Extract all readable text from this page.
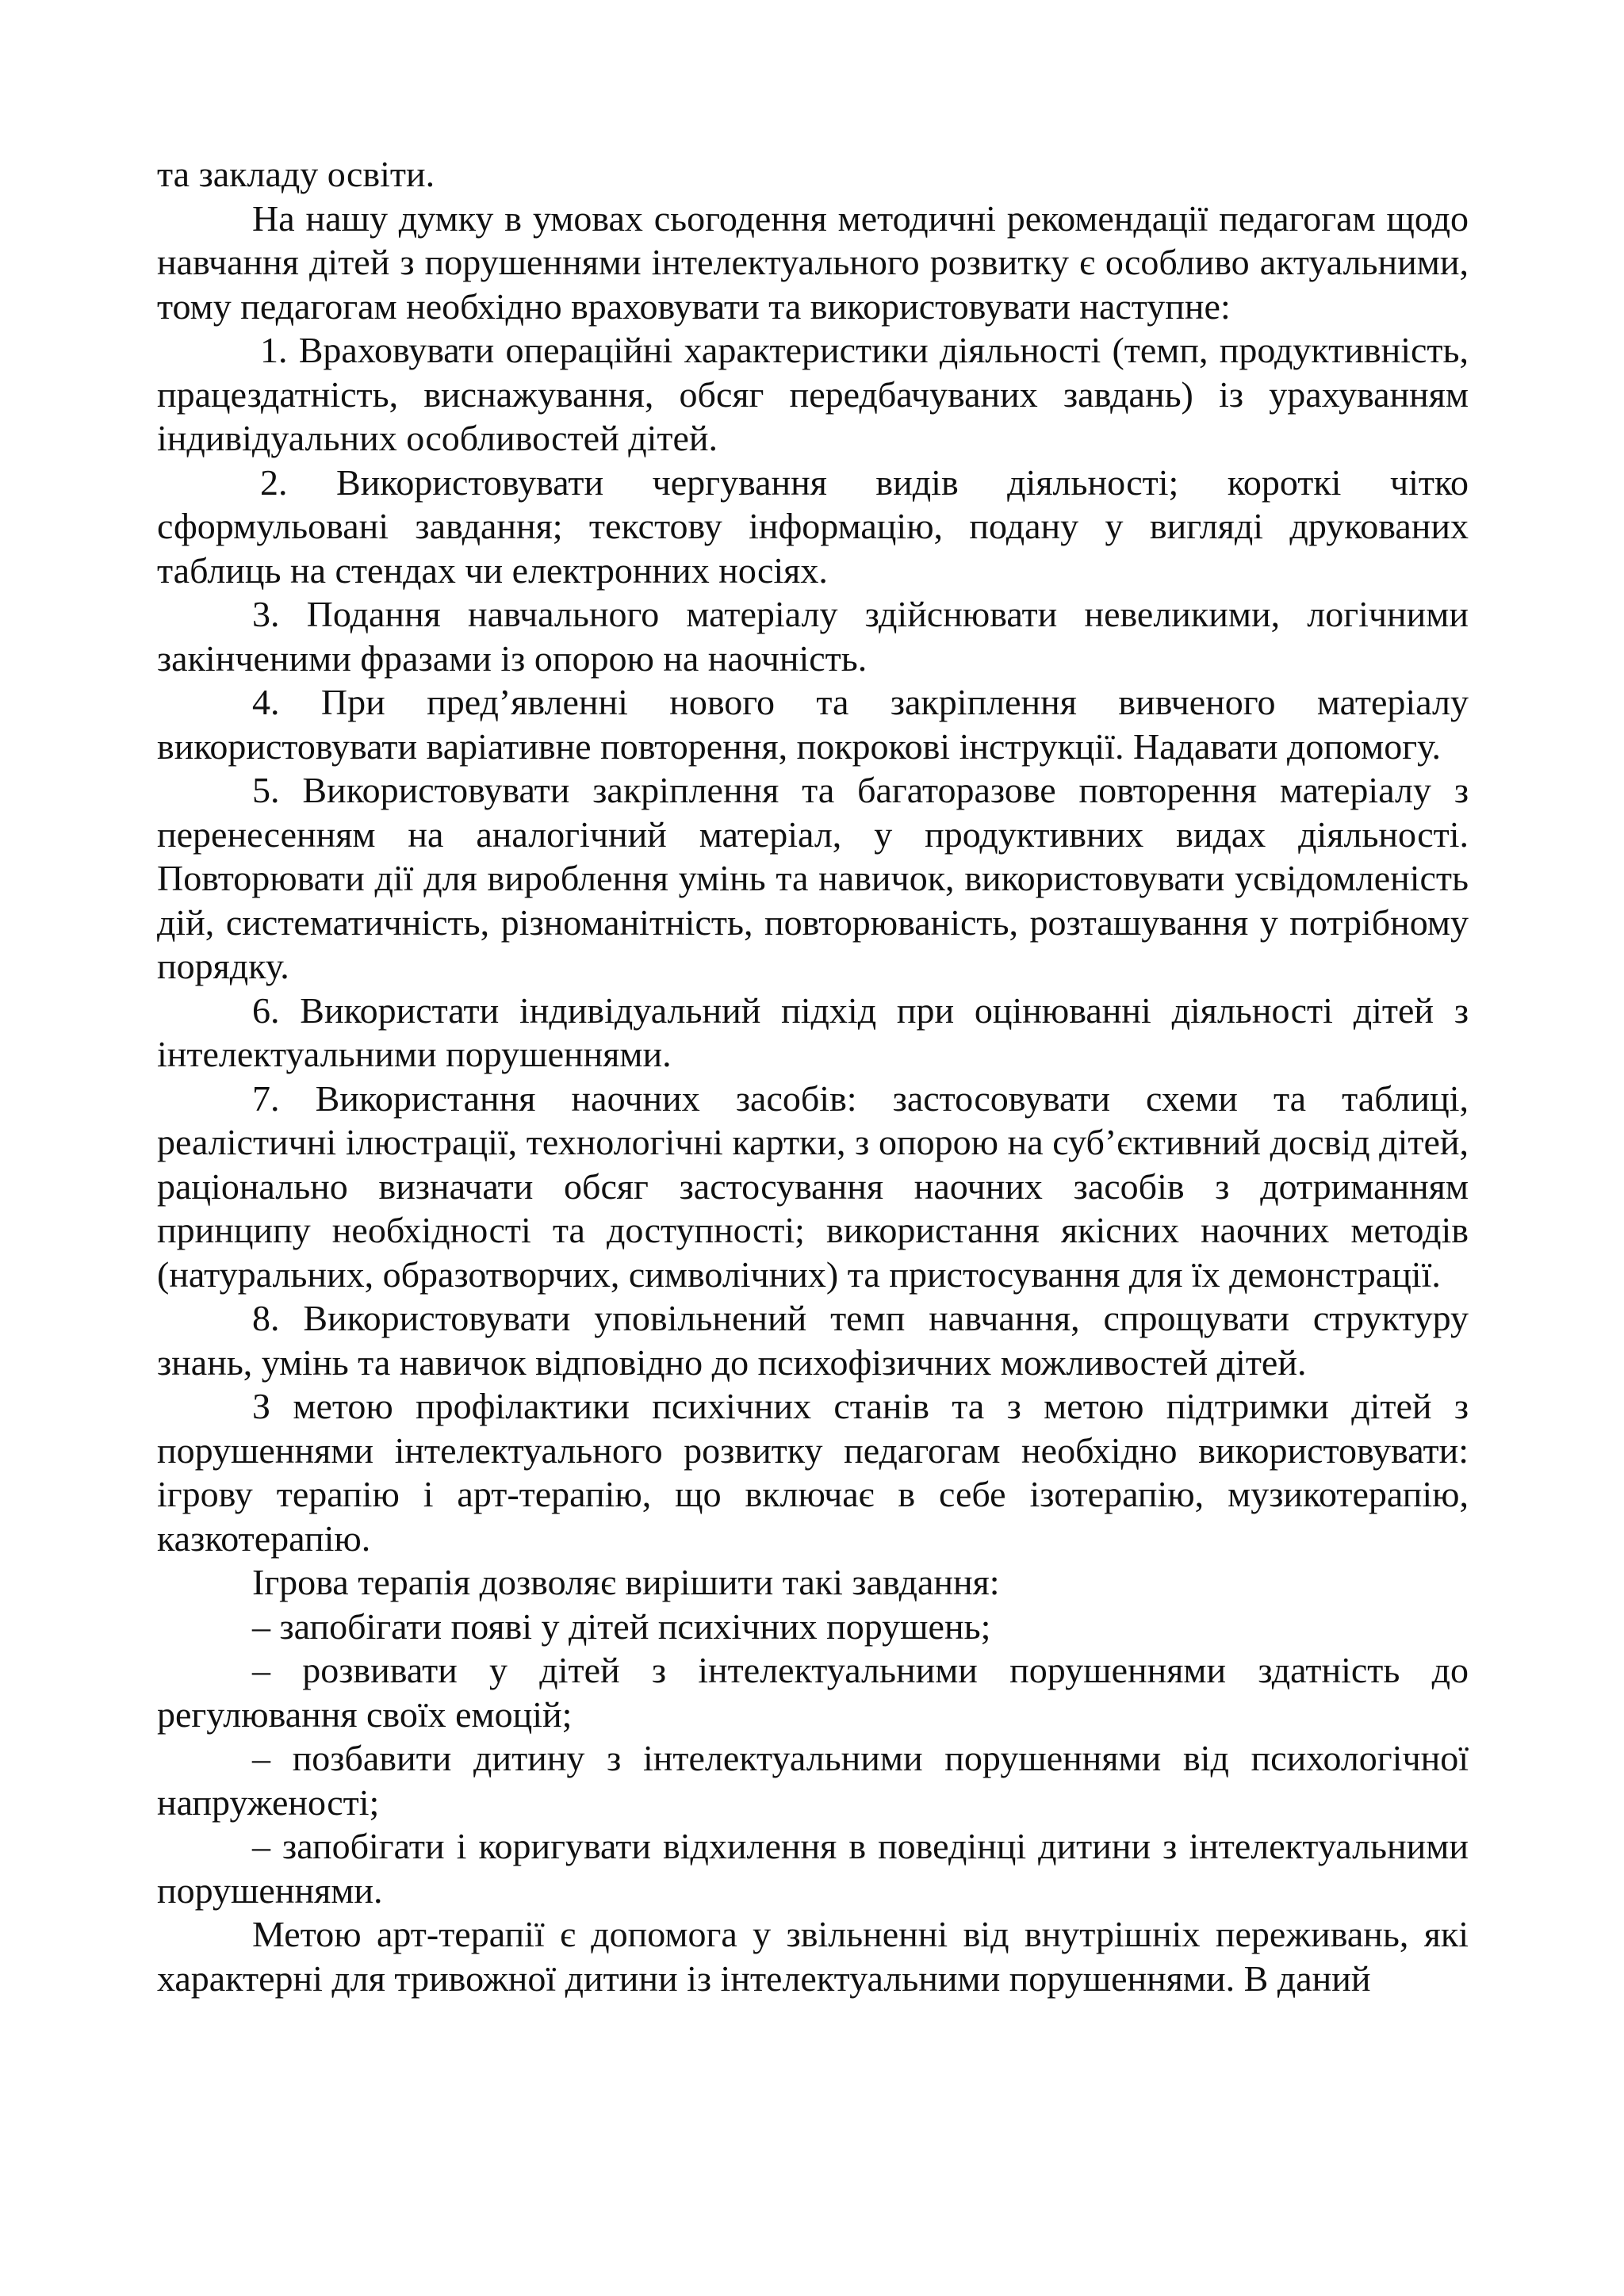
та закладу освіти.

На нашу думку в умовах сьогодення методичні рекомендації педагогам щодо навчання дітей з порушеннями інтелектуального розвитку є особливо актуальними, тому педагогам необхідно враховувати та використовувати наступне:

1. Враховувати операційні характеристики діяльності (темп, продуктивність, працездатність, виснажування, обсяг передбачуваних завдань) із урахуванням індивідуальних особливостей дітей.

2. Використовувати чергування видів діяльності; короткі чітко сформульовані завдання; текстову інформацію, подану у вигляді друкованих таблиць на стендах чи електронних носіях.

3. Подання навчального матеріалу здійснювати невеликими, логічними закінченими фразами із опорою на наочність.

4. При пред’явленні нового та закріплення вивченого матеріалу використовувати варіативне повторення, покрокові інструкції. Надавати допомогу.

5. Використовувати закріплення та багаторазове повторення матеріалу з перенесенням на аналогічний матеріал, у продуктивних видах діяльності. Повторювати дії для вироблення умінь та навичок, використовувати усвідомленість дій, систематичність, різноманітність, повторюваність, розташування у потрібному порядку.

6. Використати індивідуальний підхід при оцінюванні діяльності дітей з інтелектуальними порушеннями.

7. Використання наочних засобів: застосовувати схеми та таблиці, реалістичні ілюстрації, технологічні картки, з опорою на суб’єктивний досвід дітей, раціонально визначати обсяг застосування наочних засобів з дотриманням принципу необхідності та доступності; використання якісних наочних методів (натуральних, образотворчих, символічних) та пристосування для їх демонстрації.

8. Використовувати уповільнений темп навчання, спрощувати структуру знань, умінь та навичок відповідно до психофізичних можливостей дітей.

З метою профілактики психічних станів та з метою підтримки дітей з порушеннями інтелектуального розвитку педагогам необхідно використовувати: ігрову терапію і арт-терапію, що включає в себе ізотерапію, музикотерапію, казкотерапію.

Ігрова терапія дозволяє вирішити такі завдання:

– запобігати появі у дітей психічних порушень;

– розвивати у дітей з інтелектуальними порушеннями здатність до регулювання своїх емоцій;

– позбавити дитину з інтелектуальними порушеннями від психологічної напруженості;

– запобігати і коригувати відхилення в поведінці дитини з інтелектуальними порушеннями.

Метою арт-терапії є допомога у звільненні від внутрішніх переживань, які характерні для тривожної дитини із інтелектуальними порушеннями. В даний
